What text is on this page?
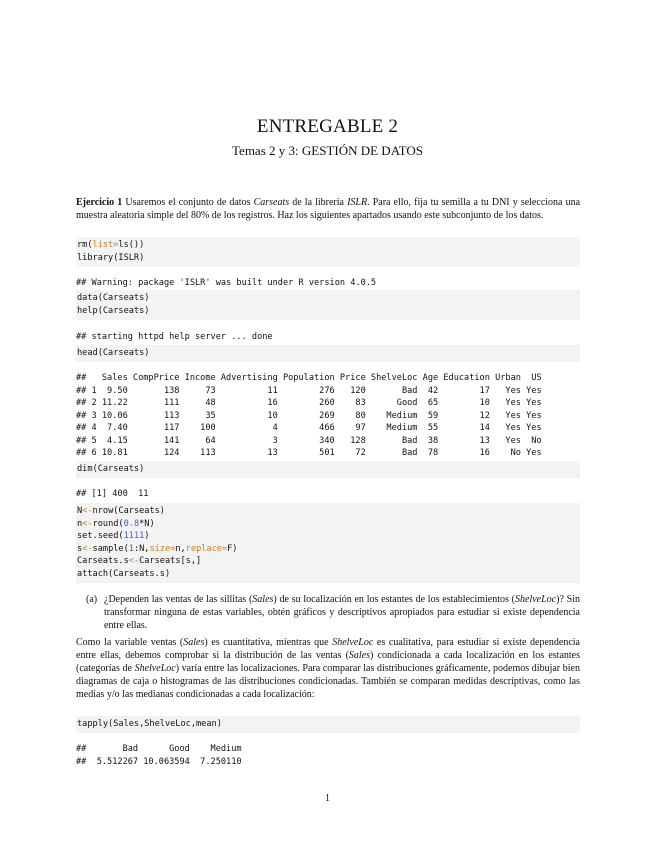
ENTREGABLE 2
Temas 2 y 3: GESTIÓN DE DATOS
Ejercicio 1 Usaremos el conjunto de datos Carseats de la librería ISLR. Para ello, fija tu semilla a tu DNI y selecciona una muestra aleatoria simple del 80% de los registros. Haz los siguientes apartados usando este subconjunto de los datos.
rm(list=ls())
library(ISLR)
## Warning: package 'ISLR' was built under R version 4.0.5
data(Carseats)
help(Carseats)
## starting httpd help server ... done
head(Carseats)
##   Sales CompPrice Income Advertising Population Price ShelveLoc Age Education Urban  US
## 1  9.50       138     73          11        276   120       Bad  42        17   Yes Yes
## 2 11.22       111     48          16        260    83      Good  65        10   Yes Yes
## 3 10.06       113     35          10        269    80    Medium  59        12   Yes Yes
## 4  7.40       117    100           4        466    97    Medium  55        14   Yes Yes
## 5  4.15       141     64           3        340   128       Bad  38        13   Yes  No
## 6 10.81       124    113          13        501    72       Bad  78        16    No Yes
dim(Carseats)
## [1] 400  11
N<-nrow(Carseats)
n<-round(0.8*N)
set.seed(1111)
s<-sample(1:N,size=n,replace=F)
Carseats.s<-Carseats[s,]
attach(Carseats.s)
(a) ¿Dependen las ventas de las sillitas (Sales) de su localización en los estantes de los establecimientos (ShelveLoc)? Sin transformar ninguna de estas variables, obtén gráficos y descriptivos apropiados para estudiar si existe dependencia entre ellas.
Como la variable ventas (Sales) es cuantitativa, mientras que ShelveLoc es cualitativa, para estudiar si existe dependencia entre ellas, debemos comprobar si la distribución de las ventas (Sales) condicionada a cada localización en los estantes (categorías de ShelveLoc) varía entre las localizaciones. Para comparar las distribuciones gráficamente, podemos dibujar bien diagramas de caja o histogramas de las distribuciones condicionadas. También se comparan medidas descriptivas, como las medias y/o las medianas condicionadas a cada localización:
tapply(Sales,ShelveLoc,mean)
##       Bad      Good    Medium
##  5.512267 10.063594  7.250110
1
